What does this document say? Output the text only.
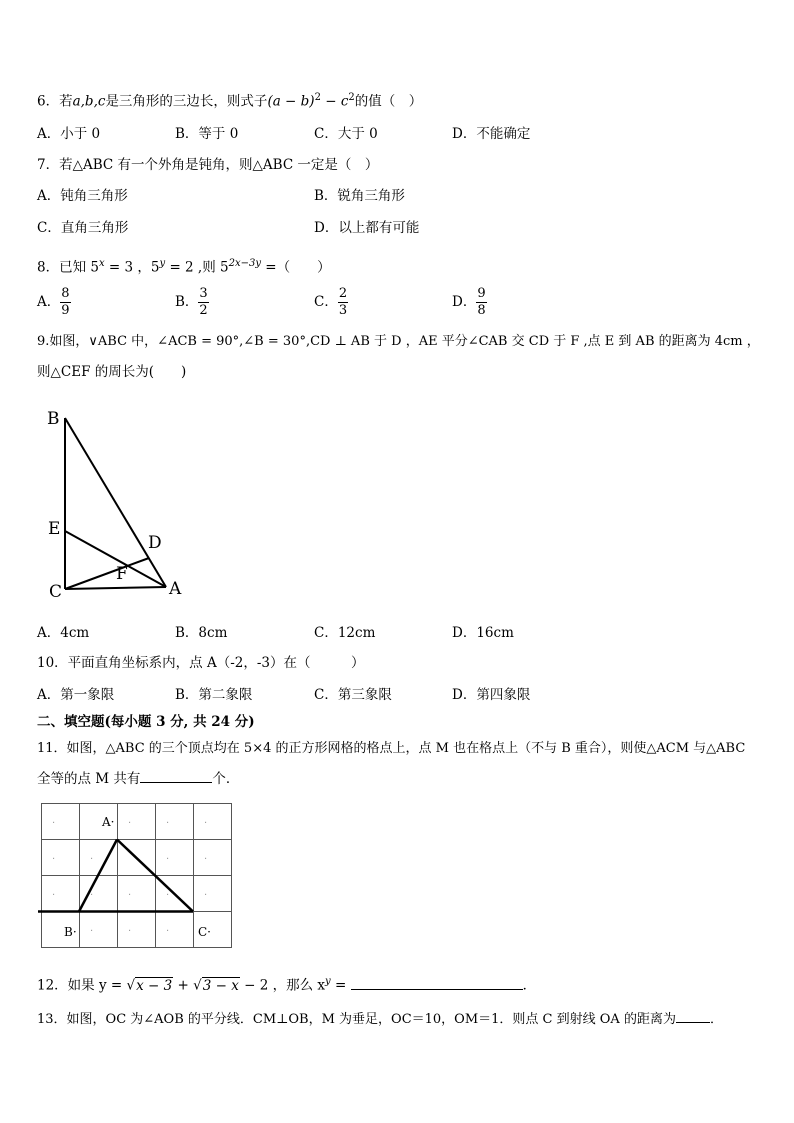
6．若a,b,c是三角形的三边长，则式子$(a - b)^2 - c^2$的值（　）
A．小于 0	B．等于 0	C．大于 0	D．不能确定
7．若△ABC 有一个外角是钝角，则△ABC 一定是（　）
A．钝角三角形	B．锐角三角形
C．直角三角形	D．以上都有可能
8．已知 $5^x = 3$ ，$5^y = 2$ ,则 $5^{2x-3y}$ =（　　）
A． $\frac{8}{9}$	B． $\frac{3}{2}$	C． $\frac{2}{3}$	D． $\frac{9}{8}$
9.如图，∨ABC 中，∠ACB = 90°,∠B = 30°,CD ⊥ AB 于 D ，AE 平分∠CAB 交 CD 于 F ,点 E 到 AB 的距离为 4cm ，
则△CEF 的周长为(　　)
B
E
D
F
C	A
A．4cm	B．8cm	C．12cm	D．16cm
10．平面直角坐标系内，点 A（-2，-3）在（　　　）
A．第一象限	B．第二象限	C．第三象限	D．第四象限
二、填空题(每小题 3 分, 共 24 分)
11．如图，△ABC 的三个顶点均在 5×4 的正方形网格的格点上，点 M 也在格点上（不与 B 重合），则使△ACM 与△ABC
全等的点 M 共有	个．
A·
B·	C·
·	·	·	·
·	·	·	·
·	·	·	·	·
·	·	·
12．如果 y = √x − 3 + √3 − x − 2 ，那么 $x^y$ =	．
13．如图，OC 为∠AOB 的平分线．CM⊥OB，M 为垂足，OC＝10，OM＝1．则点 C 到射线 OA 的距离为	．
